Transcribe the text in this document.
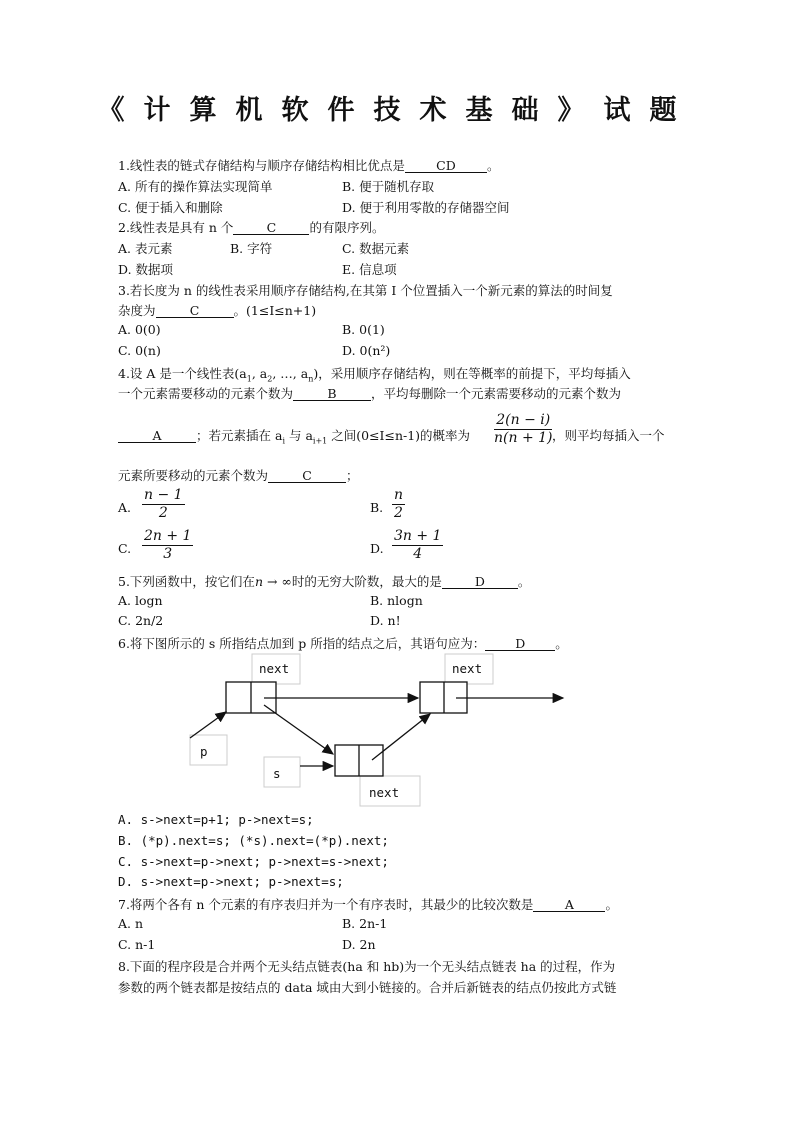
《计算机软件技术基础》试题
1.线性表的链式存储结构与顺序存储结构相比优点是 CD 。
A. 所有的操作算法实现简单	B. 便于随机存取
C. 便于插入和删除	D. 便于利用零散的存储器空间
2.线性表是具有 n 个	C	的有限序列。
A. 表元素	B. 字符	C. 数据元素
D. 数据项	E. 信息项
3.若长度为 n 的线性表采用顺序存储结构,在其第 I 个位置插入一个新元素的算法的时间复
杂度为	C	。(1≤I≤n+1)
A. 0(0)	B. 0(1)
C. 0(n)	D. 0(n²)
4.设 A 是一个线性表($a_1$, $a_2$, …, $a_n$)，采用顺序存储结构，则在等概率的前提下，平均每插入
一个元素需要移动的元素个数为	B	，平均每删除一个元素需要移动的元素个数为
A	；若元素插在 $a_i$ 与 $a_{i+1}$ 之间(0≤I≤n-1)的概率为 $\frac{2(n - i)}{n(n + 1)}$
，则平均每插入一个
元素所要移动的元素个数为	C	；
A. $\frac{n - 1}{2}$	B. $\frac{n}{2}$
C. $\frac{2n + 1}{3}$	D. $\frac{3n + 1}{4}$
5.下列函数中，按它们在n → ∞时的无穷大阶数，最大的是	D	。
A. logn	B. nlogn
C. 2n/2	D. n!
6.将下图所示的 s 所指结点加到 p 所指的结点之后，其语句应为： D 。
next	next
p
s
next
A. s->next=p+1; p->next=s;
B. (*p).next=s; (*s).next=(*p).next;
C. s->next=p->next; p->next=s->next;
D. s->next=p->next; p->next=s;
7.将两个各有 n 个元素的有序表归并为一个有序表时，其最少的比较次数是	A	。
A. n	B. 2n-1
C. n-1	D. 2n
8.下面的程序段是合并两个无头结点链表(ha 和 hb)为一个无头结点链表 ha 的过程，作为
参数的两个链表都是按结点的 data 域由大到小链接的。合并后新链表的结点仍按此方式链
